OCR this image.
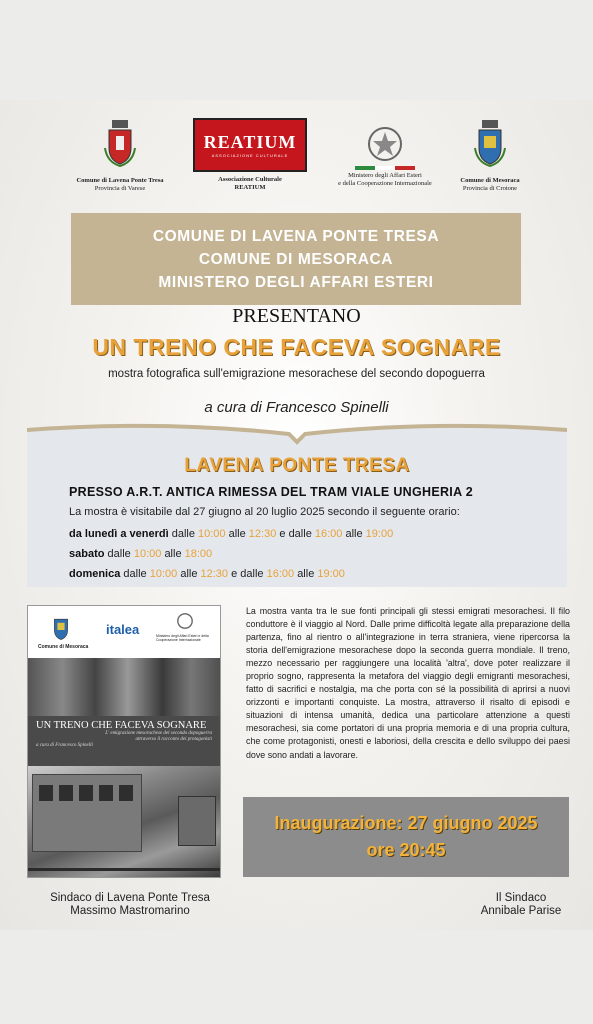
Comune di Lavena Ponte Tresa
Provincia di Varese
REATIUM
ASSOCIAZIONE CULTURALE
Associazione Culturale
REATIUM
Ministero degli Affari Esteri
e della Cooperazione Internazionale	Comune di Mesoraca
Provincia di Crotone
COMUNE DI LAVENA PONTE TRESA
COMUNE DI MESORACA
MINISTERO DEGLI AFFARI ESTERI
PRESENTANO
UN TRENO CHE FACEVA SOGNARE
mostra fotografica sull'emigrazione mesorachese del secondo dopoguerra
a cura di Francesco Spinelli
LAVENA PONTE TRESA
PRESSO A.R.T. ANTICA RIMESSA DEL TRAM VIALE UNGHERIA 2
La mostra è visitabile dal 27 giugno al 20 luglio 2025 secondo il seguente orario:
da lunedì a venerdì dalle 10:00 alle 12:30 e dalle 16:00 alle 19:00
sabato dalle 10:00 alle 18:00
domenica dalle 10:00 alle 12:30 e dalle 16:00 alle 19:00
Comune di Mesoraca
italea	Ministero degli Affari Esteri e della Cooperazione Internazionale
UN TRENO CHE FACEVA SOGNARE
L' emigrazione mesorachese del secondo dopoguerra
attraverso il racconto dei protagonisti
a cura di Francesco Spinelli
La mostra vanta tra le sue fonti principali gli stessi emigrati mesorachesi. Il filo conduttore è il viaggio al Nord. Dalle prime difficoltà legate alla preparazione della partenza, fino al rientro o all'integrazione in terra straniera, viene ripercorsa la storia dell'emigrazione mesorachese dopo la seconda guerra mondiale. Il treno, mezzo necessario per raggiungere una località 'altra', dove poter realizzare il proprio sogno, rappresenta la metafora del viaggio degli emigranti mesorachesi, fatto di sacrifici e nostalgia, ma che porta con sé la possibilità di aprirsi a nuovi orizzonti e importanti conquiste. La mostra, attraverso il risalto di episodi e situazioni di intensa umanità, dedica una particolare attenzione a questi mesorachesi, sia come portatori di una propria memoria e di una propria cultura, che come protagonisti, onesti e laboriosi, della crescita e dello sviluppo dei paesi dove sono andati a lavorare.
Inaugurazione: 27 giugno 2025
ore 20:45
Sindaco di Lavena Ponte Tresa
Massimo Mastromarino
Il Sindaco
Annibale Parise
